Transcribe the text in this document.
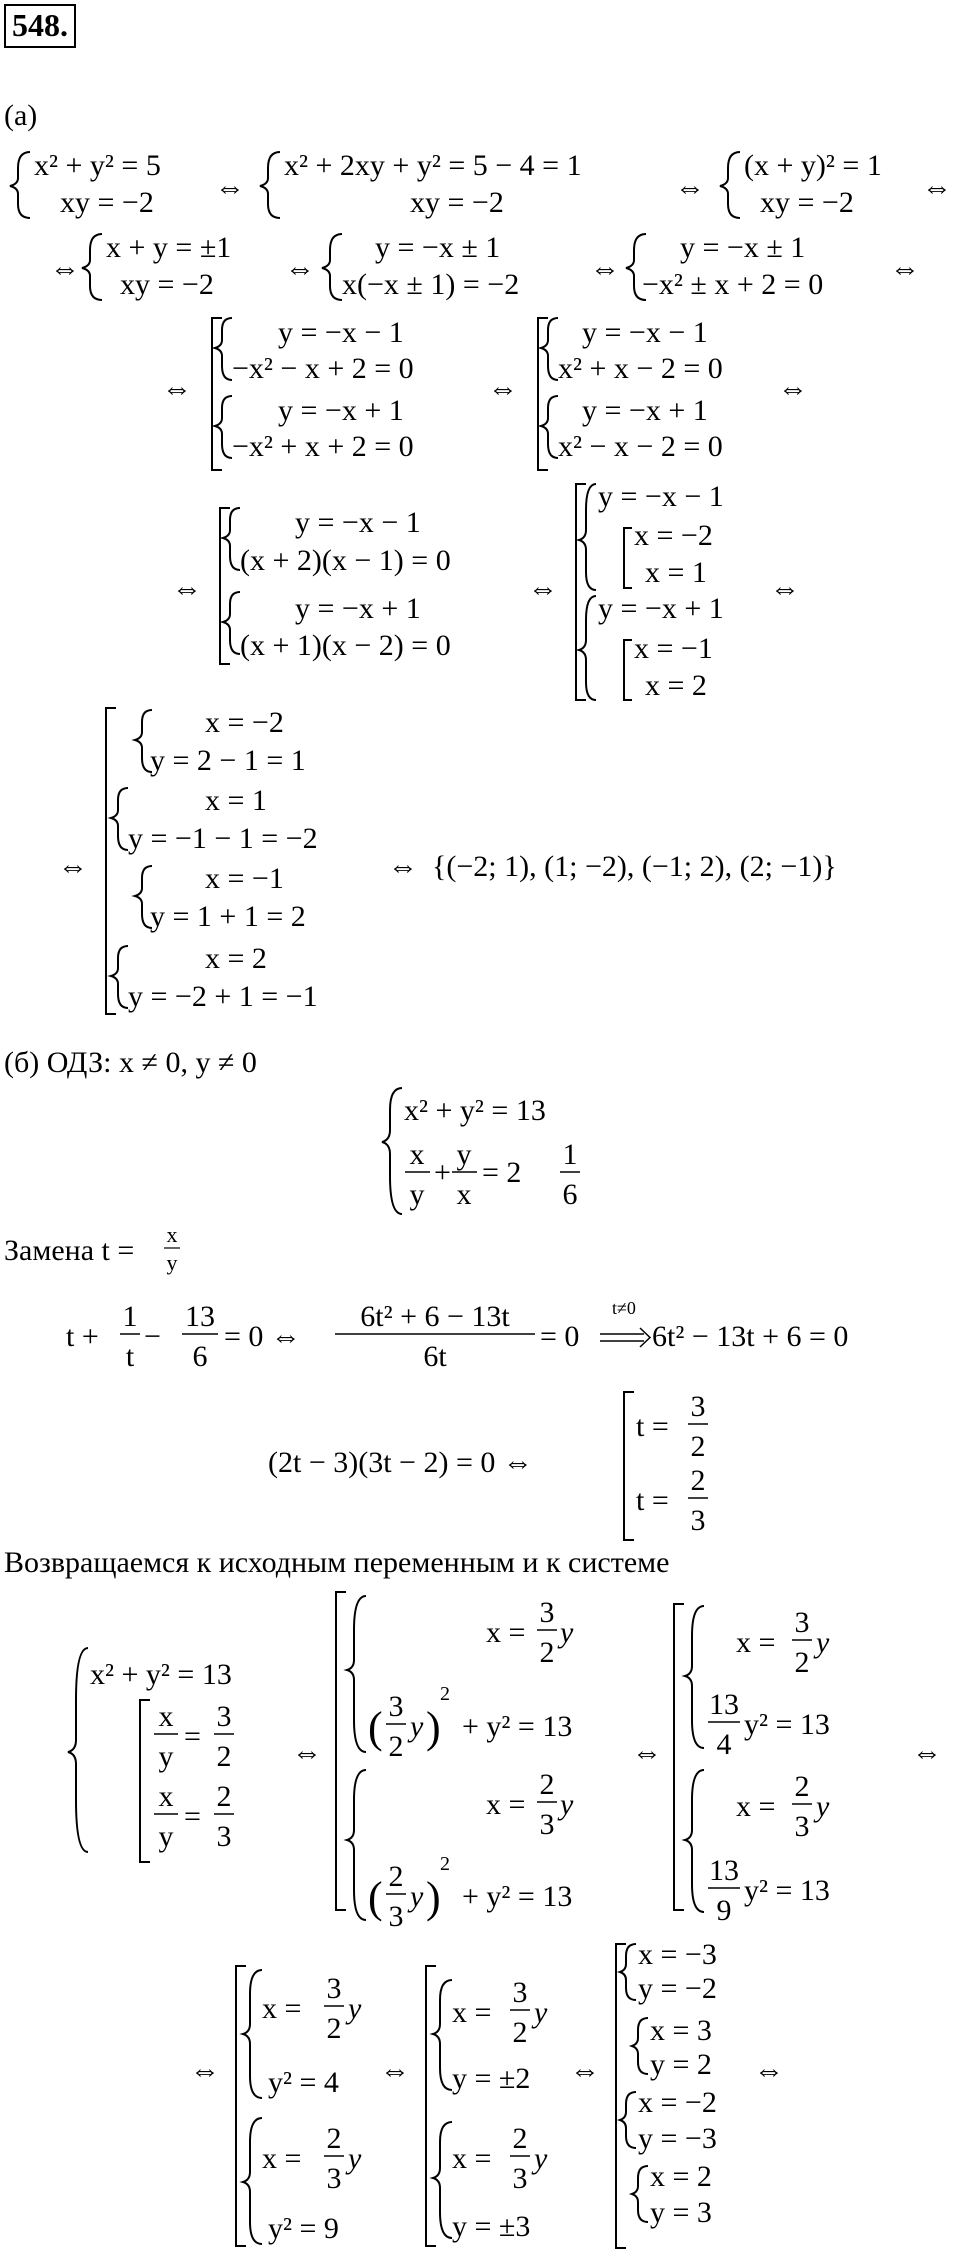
548.
(а)
x² + y² = 5
xy = −2 ⇔
x² + 2xy + y² = 5 − 4 = 1
xy = −2	⇔
(x + y)² = 1
xy = −2 ⇔
⇔
x + y = ±1
xy = −2 ⇔
y = −x ± 1
x(−x ± 1) = −2 ⇔
y = −x ± 1
−x² ± x + 2 = 0 ⇔
⇔
y = −x − 1
−x² − x + 2 = 0
y = −x + 1
−x² + x + 2 = 0
⇔
y = −x − 1
x² + x − 2 = 0
y = −x + 1
x² − x − 2 = 0
⇔
⇔
y = −x − 1
(x + 2)(x − 1) = 0
y = −x + 1
(x + 1)(x − 2) = 0
⇔
y = −x − 1
x = −2
x = 1
y = −x + 1
x = −1
x = 2
⇔
⇔
x = −2
y = 2 − 1 = 1
x = 1
y = −1 − 1 = −2
x = −1
y = 1 + 1 = 2
x = 2
y = −2 + 1 = −1
⇔ {(−2; 1), (1; −2), (−1; 2), (2; −1)}
(б) ОДЗ: x ≠ 0, y ≠ 0
x² + y² = 13
x
y
+
y
x
= 2
1
6
Замена t = x
y
t +
1
t
−
13
6
= 0 ⇔
6t² + 6 − 13t
6t
= 0
t≠0
6t² − 13t + 6 = 0
(2t − 3)(3t − 2) = 0 ⇔
t =
3
2
t =
2
3
Возвращаемся к исходным переменным и к системе
x² + y² = 13
x
y
=
3
2
x
y
=
2
3
⇔
x =
3
2
y
( 3
2
y )
2
+ y² = 13
x =
2
3
y
( 2
3
y )
2
+ y² = 13
⇔
x =
3
2
y
13
4
y² = 13
x =
2
3
y
13
9
y² = 13
⇔
⇔
x =
3
2
y
y² = 4
x =
2
3
y
y² = 9
⇔
x =
3
2
y
y = ±2
x =
2
3
y
y = ±3
⇔
x = −3
y = −2
x = 3
y = 2
x = −2
y = −3
x = 2
y = 3
⇔
